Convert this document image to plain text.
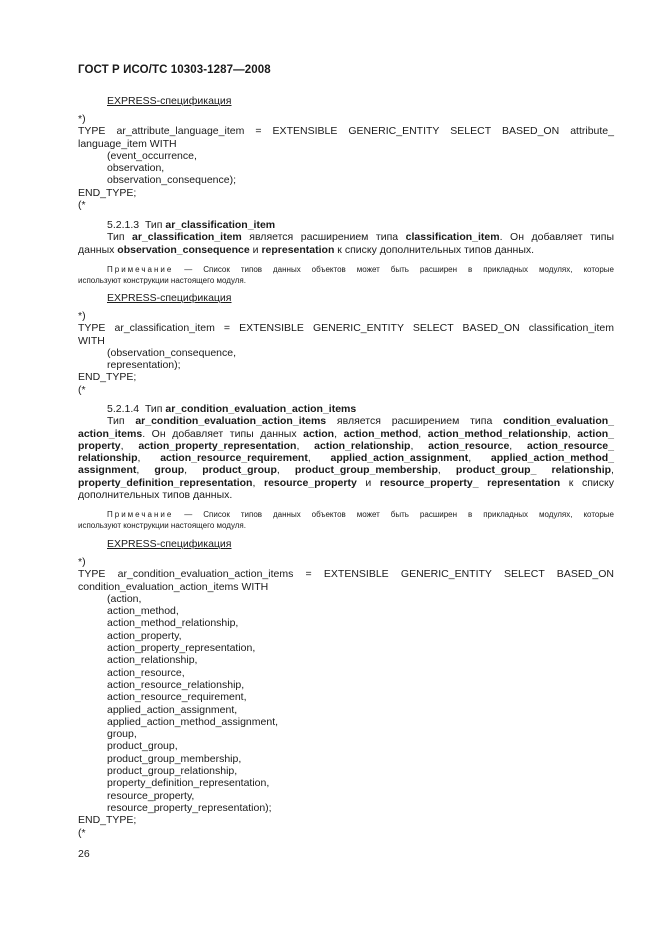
ГОСТ Р ИСО/ТС 10303-1287—2008
EXPRESS-спецификация
*)
TYPE ar_attribute_language_item = EXTENSIBLE GENERIC_ENTITY SELECT BASED_ON attribute_
language_item WITH
(event_occurrence,
observation,
observation_consequence);
END_TYPE;
(*
5.2.1.3 Тип ar_classification_item
Тип ar_classification_item является расширением типа classification_item. Он добавляет типы
данных observation_consequence и representation к списку дополнительных типов данных.
Примечание — Список типов данных объектов может быть расширен в прикладных модулях, которые
используют конструкции настоящего модуля.
EXPRESS-спецификация
*)
TYPE ar_classification_item = EXTENSIBLE GENERIC_ENTITY SELECT BASED_ON classification_item
WITH
(observation_consequence,
representation);
END_TYPE;
(*
5.2.1.4 Тип ar_condition_evaluation_action_items
Тип ar_condition_evaluation_action_items является расширением типа condition_evaluation_
action_items. Он добавляет типы данных action, action_method, action_method_relationship, action_
property, action_property_representation, action_relationship, action_resource, action_resource_
relationship, action_resource_requirement, applied_action_assignment, applied_action_method_
assignment, group, product_group, product_group_membership, product_group_ relationship,
property_definition_representation, resource_property и resource_property_ representation к списку
дополнительных типов данных.
Примечание — Список типов данных объектов может быть расширен в прикладных модулях, которые
используют конструкции настоящего модуля.
EXPRESS-спецификация
*)
TYPE ar_condition_evaluation_action_items = EXTENSIBLE GENERIC_ENTITY SELECT BASED_ON
condition_evaluation_action_items WITH
(action,
action_method,
action_method_relationship,
action_property,
action_property_representation,
action_relationship,
action_resource,
action_resource_relationship,
action_resource_requirement,
applied_action_assignment,
applied_action_method_assignment,
group,
product_group,
product_group_membership,
product_group_relationship,
property_definition_representation,
resource_property,
resource_property_representation);
END_TYPE;
(*
26
